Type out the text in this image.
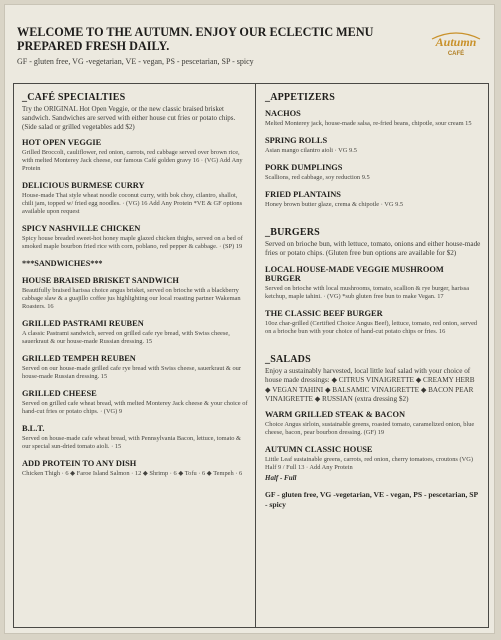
WELCOME TO THE AUTUMN. ENJOY OUR ECLECTIC MENU PREPARED FRESH DAILY.
GF - gluten free, VG -vegetarian, VE - vegan, PS - pescetarian, SP - spicy
Autumn
CAFÉ
_CAFÉ SPECIALTIES
Try the ORIGINAL Hot Open Veggie, or the new classic braised brisket sandwich. Sandwiches are served with either house cut fries or potato chips. (Side salad or grilled vegetables add $2)
HOT OPEN VEGGIE
Grilled Broccoli, cauliflower, red onion, carrots, red cabbage served over brown rice, with melted Monterey Jack cheese, our famous Café golden gravy 16 · (VG) Add Any Protein
DELICIOUS BURMESE CURRY
House-made Thai style wheat noodle coconut curry, with bok choy, cilantro, shallot, chili jam, topped w/ fried egg noodles. · (VG) 16 Add Any Protein *VE & GF options available upon request
SPICY NASHVILLE CHICKEN
Spicy house breaded sweet-hot honey maple glazed chicken thighs, served on a bed of smoked maple bourbon fried rice with corn, poblano, red pepper & cabbage. · (SP) 19
***SANDWICHES***
HOUSE BRAISED BRISKET SANDWICH
Beautifully braised harissa choice angus brisket, served on brioche with a blackberry cabbage slaw & a guajillo coffee jus highlighting our local roasting partner Wakeman Roasters. 16
GRILLED PASTRAMI REUBEN
A classic Pastrami sandwich, served on grilled cafe rye bread, with Swiss cheese, sauerkraut & our house-made Russian dressing. 15
GRILLED TEMPEH REUBEN
Served on our house-made grilled cafe rye bread with Swiss cheese, sauerkraut & our house-made Russian dressing. 15
GRILLED CHEESE
Served on grilled cafe wheat bread, with melted Monterey Jack cheese & your choice of hand-cut fries or potato chips. · (VG) 9
B.L.T.
Served on house-made cafe wheat bread, with Pennsylvania Bacon, lettuce, tomato & our special sun-dried tomato aioli. · 15
ADD PROTEIN TO ANY DISH
Chicken Thigh · 6 ◆ Faroe Island Salmon · 12 ◆ Shrimp · 6 ◆ Tofu · 6 ◆ Tempeh · 6
_APPETIZERS
NACHOS
Melted Monterey jack, house-made salsa, re-fried beans, chipotle, sour cream 15
SPRING ROLLS
Asian mango cilantro aioli · VG 9.5
PORK DUMPLINGS
Scallions, red cabbage, soy reduction 9.5
FRIED PLANTAINS
Honey brown butter glaze, crema & chipotle · VG 9.5
_BURGERS
Served on brioche bun, with lettuce, tomato, onions and either house-made fries or potato chips. (Gluten free bun options are available for $2)
LOCAL HOUSE-MADE VEGGIE MUSHROOM BURGER
Served on brioche with local mushrooms, tomato, scallion & rye burger, harissa ketchup, maple tahini. · (VG) *sub gluten free bun to make Vegan. 17
THE CLASSIC BEEF BURGER
10oz char-grilled (Certified Choice Angus Beef), lettuce, tomato, red onion, served on a brioche bun with your choice of hand-cut potato chips or fries. 16
_SALADS
Enjoy a sustainably harvested, local little leaf salad with your choice of house made dressings: ◆ CITRUS VINAIGRETTE ◆ CREAMY HERB ◆ VEGAN TAHINI ◆ BALSAMIC VINAIGRETTE ◆ BACON PEAR VINAIGRETTE ◆ RUSSIAN (extra dressing $2)
WARM GRILLED STEAK & BACON
Choice Angus sirloin, sustainable greens, roasted tomato, caramelized onion, blue cheese, bacon, pear bourbon dressing. (GF) 19
AUTUMN CLASSIC HOUSE
Little Leaf sustainable greens, carrots, red onion, cherry tomatoes, croutons (VG) Half 9 / Full 13 · Add Any Protein
Half - Full
GF - gluten free, VG -vegetarian, VE - vegan, PS - pescetarian, SP - spicy
